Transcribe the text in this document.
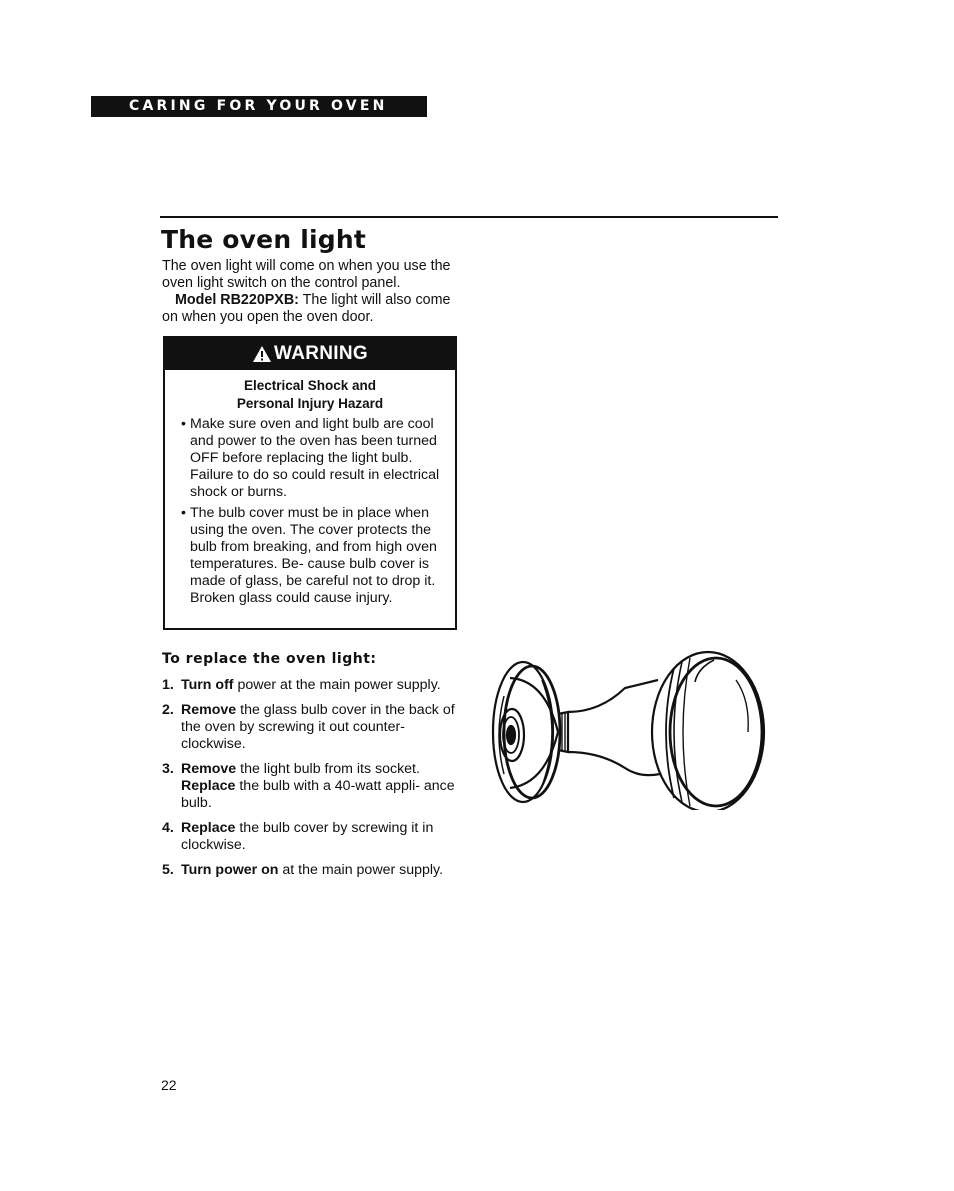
CARING FOR YOUR OVEN
The oven light

The oven light will come on when you use the oven light switch on the control panel.

Model RB220PXB: The light will also come on when you open the oven door.

WARNING
Electrical Shock and
Personal Injury Hazard
• Make sure oven and light bulb are cool and power to the oven has been turned OFF before replacing the light bulb. Failure to do so could result in electrical shock or burns.
• The bulb cover must be in place when using the oven. The cover protects the bulb from breaking, and from high oven temperatures. Be- cause bulb cover is made of glass, be careful not to drop it. Broken glass could cause injury.
To replace the oven light:
1. Turn off power at the main power supply.
2. Remove the glass bulb cover in the back of the oven by screwing it out counter- clockwise.
3. Remove the light bulb from its socket. Replace the bulb with a 40-watt appli- ance bulb.
4. Replace the bulb cover by screwing it in clockwise.
5. Turn power on at the main power supply.
22
